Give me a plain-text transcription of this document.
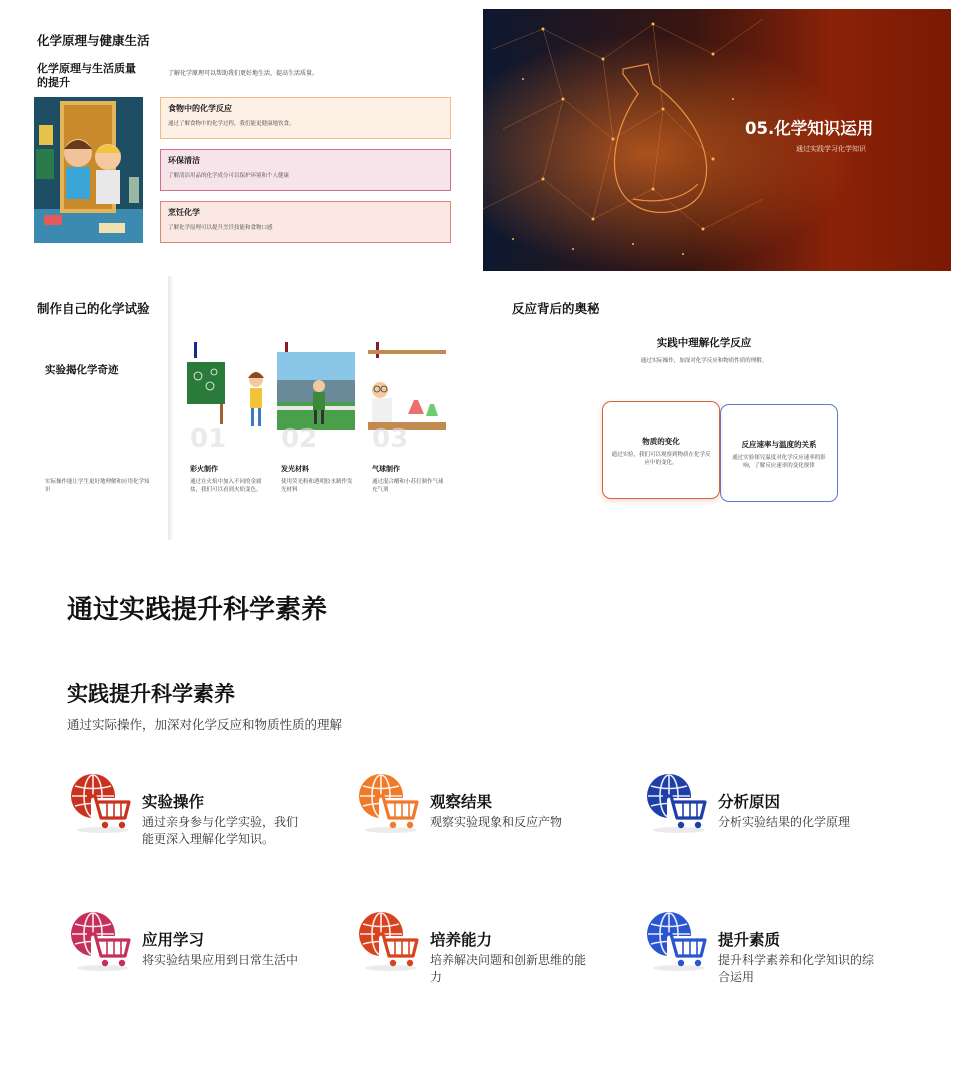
化学原理与健康生活
化学原理与生活质量的提升
了解化学原理可以帮助我们更好地生活，提高生活质量。
食物中的化学反应
通过了解食物中的化学过程，我们能更健康地饮食。
环保清洁
了解清洁用品的化学成分可以保护环境和个人健康
烹饪化学
了解化学原理可以提升烹饪技能和食物口感
05.化学知识运用
通过实践学习化学知识
制作自己的化学试验
实验揭化学奇迹
实际操作能让学生更好地理解和应用化学知识
01
彩火制作
通过在火焰中加入不同的金属盐，我们可以看到火焰变色。
02
发光材料
使用荧光粉和透明胶水制作发光材料
03
气球制作
通过混合醋和小苏打制作气球充气剂
反应背后的奥秘
实践中理解化学反应
通过实际操作，加深对化学反应和物质性质的理解。
反应速率与温度的关系
通过实验探究温度对化学反应速率的影响，了解反应速率的变化规律
物质的变化
通过实验，我们可以观察到物质在化学反应中的变化。
通过实践提升科学素养
实践提升科学素养
通过实际操作，加深对化学反应和物质性质的理解
实验操作
通过亲身参与化学实验，我们能更深入理解化学知识。
观察结果
观察实验现象和反应产物
分析原因
分析实验结果的化学原理
应用学习
将实验结果应用到日常生活中
培养能力
培养解决问题和创新思维的能力
提升素质
提升科学素养和化学知识的综合运用
